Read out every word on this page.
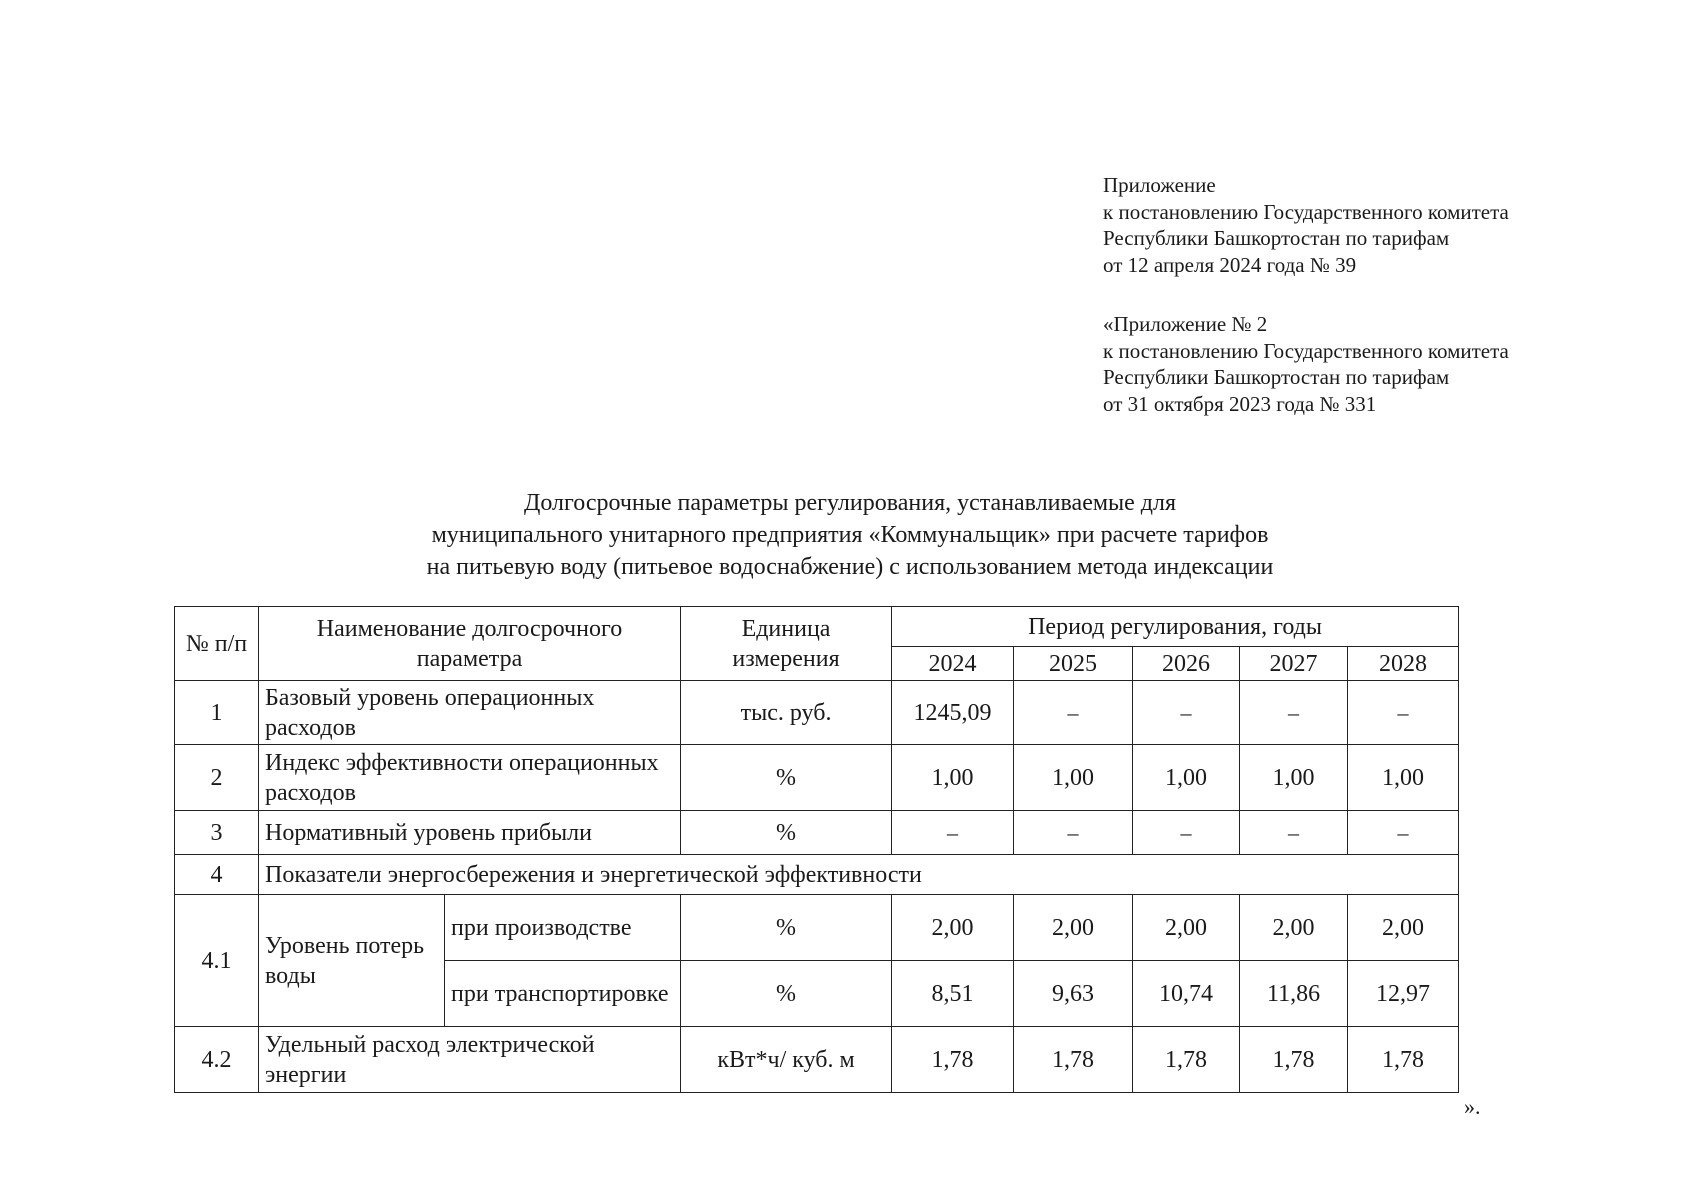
Приложение
к постановлению Государственного комитета
Республики Башкортостан по тарифам
от 12 апреля 2024 года № 39
«Приложение № 2
к постановлению Государственного комитета
Республики Башкортостан по тарифам
от 31 октября 2023 года № 331
Долгосрочные параметры регулирования, устанавливаемые для
муниципального унитарного предприятия «Коммунальщик» при расчете тарифов
на питьевую воду (питьевое водоснабжение) с использованием метода индексации
№ п/п	Наименование долгосрочного параметра		Единица измерения	Период регулирования, годы				
				2024	2025	2026	2027	2028
1	Базовый уровень операционных расходов		тыс. руб.	1245,09	–	–	–	–
2	Индекс эффективности операционных расходов		%	1,00	1,00	1,00	1,00	1,00
3	Нормативный уровень прибыли		%	–	–	–	–	–
4	Показатели энергосбережения и энергетической эффективности							
4.1	Уровень потерь воды	при производстве	%	2,00	2,00	2,00	2,00	2,00
		при транспортировке	%	8,51	9,63	10,74	11,86	12,97
4.2	Удельный расход электрической энергии		кВт*ч/ куб. м	1,78	1,78	1,78	1,78	1,78
».
